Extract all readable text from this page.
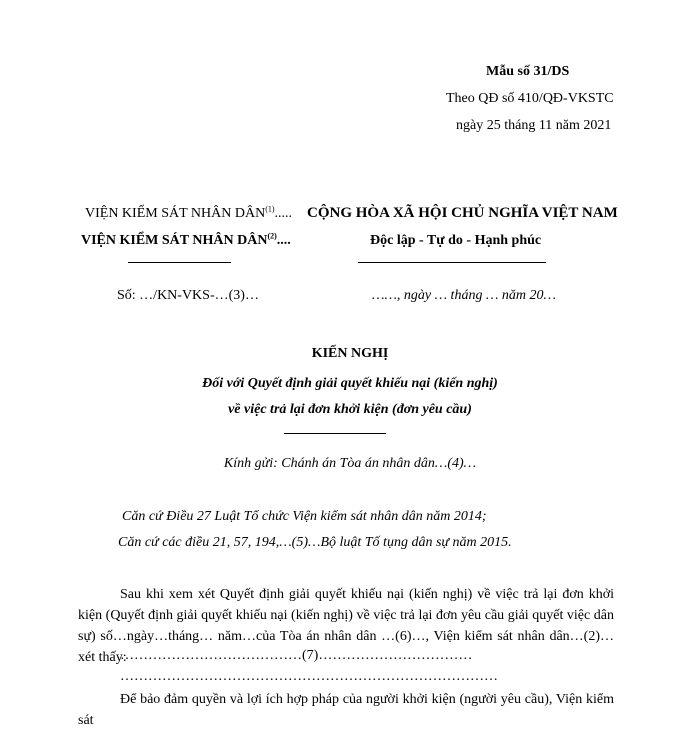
Mẫu số 31/DS
Theo QĐ số 410/QĐ-VKSTC
ngày 25 tháng 11 năm 2021
VIỆN KIỂM SÁT NHÂN DÂN$^{(1)}$.....
VIỆN KIỂM SÁT NHÂN DÂN$^{(2)}$....
Số: …/KN-VKS-…(3)…
CỘNG HÒA XÃ HỘI CHỦ NGHĨA VIỆT NAM
Độc lập - Tự do - Hạnh phúc
……, ngày … tháng … năm 20…
KIẾN NGHỊ
Đối với Quyết định giải quyết khiếu nại (kiến nghị)
về việc trả lại đơn khởi kiện (đơn yêu cầu)
Kính gửi: Chánh án Tòa án nhân dân…(4)…
Căn cứ Điều 27 Luật Tổ chức Viện kiểm sát nhân dân năm 2014;
Căn cứ các điều 21, 57, 194,…(5)…Bộ luật Tố tụng dân sự năm 2015.
Sau khi xem xét Quyết định giải quyết khiếu nại (kiến nghị) về việc trả lại đơn khởi kiện (Quyết định giải quyết khiếu nại (kiến nghị) về việc trả lại đơn yêu cầu giải quyết việc dân sự) số…ngày…tháng… năm…của Tòa án nhân dân …(6)…, Viện kiểm sát nhân dân…(2)… xét thấy:
…………………………………(7)……………………………
………………………………………………………………………
Để bảo đảm quyền và lợi ích hợp pháp của người khởi kiện (người yêu cầu), Viện kiểm sát
